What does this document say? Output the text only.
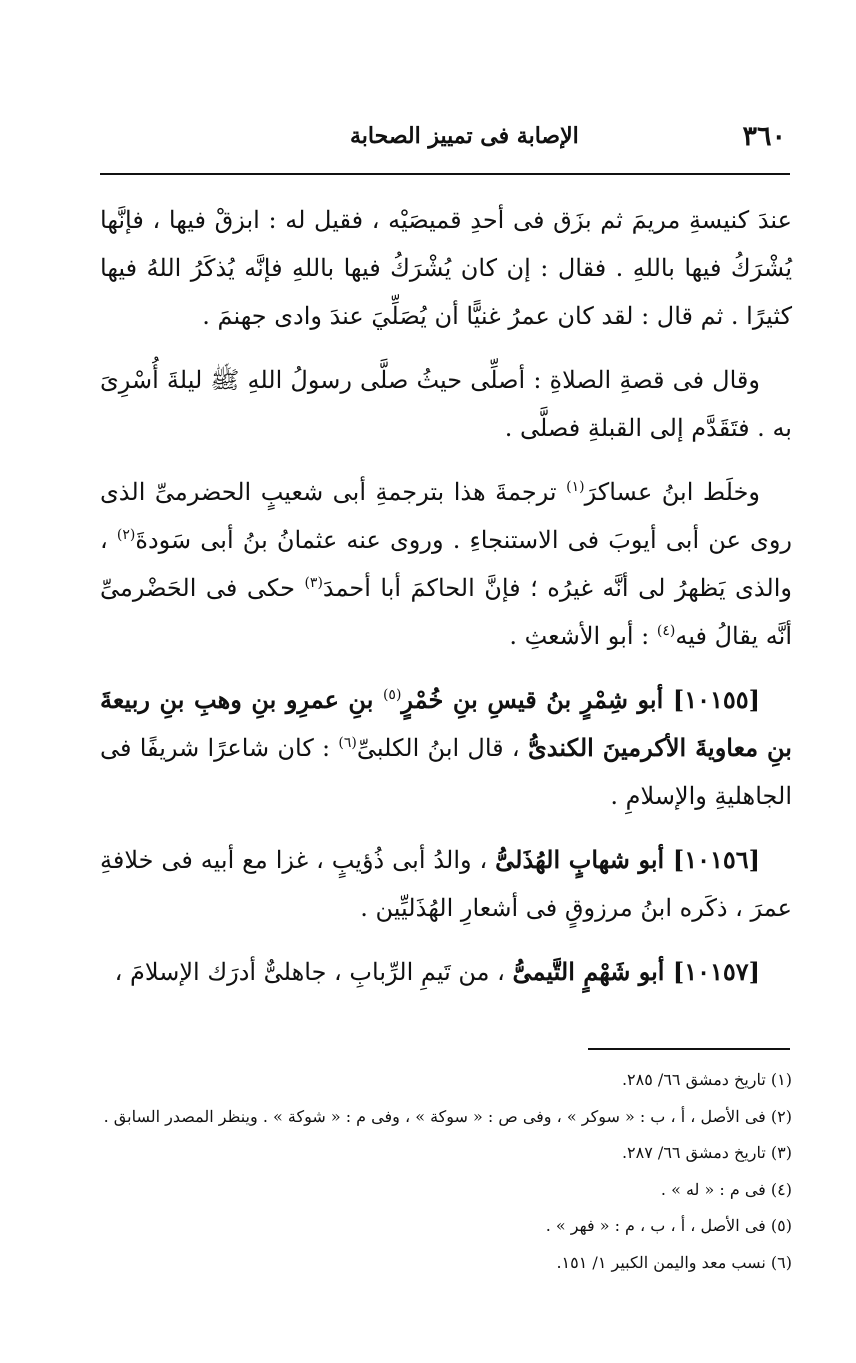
٣٦٠
الإصابة فى تمييز الصحابة

عندَ كنيسةِ مريمَ ثم بزَق فى أحدِ قميصَيْه ، فقيل له : ابزقْ فيها ، فإنَّها يُشْرَكُ فيها باللهِ . فقال : إن كان يُشْرَكُ فيها باللهِ فإنَّه يُذكَرُ اللهُ فيها كثيرًا . ثم قال : لقد كان عمرُ غنيًّا أن يُصَلِّيَ عندَ وادى جهنمَ .

وقال فى قصةِ الصلاةِ : أصلِّى حيثُ صلَّى رسولُ اللهِ ﷺ ليلةَ أُسْرِىَ به . فتَقَدَّم إلى القبلةِ فصلَّى .

وخلَط ابنُ عساكرَ$^{(١)}$ ترجمةَ هذا بترجمةِ أبى شعيبٍ الحضرمىِّ الذى روى عن أبى أيوبَ فى الاستنجاءِ . وروى عنه عثمانُ بنُ أبى سَودةَ$^{(٢)}$ ، والذى يَظهرُ لى أنَّه غيرُه ؛ فإنَّ الحاكمَ أبا أحمدَ$^{(٣)}$ حكى فى الحَضْرمىِّ أنَّه يقالُ فيه$^{(٤)}$ : أبو الأشعثِ .

[١٠١٥٥] أبو شِمْرٍ بنُ قيسِ بنِ خُمْرٍ$^{(٥)}$ بنِ عمرِو بنِ وهبِ بنِ ربيعةَ بنِ معاويةَ الأكرمينَ الكندىُّ ، قال ابنُ الكلبىِّ$^{(٦)}$ : كان شاعرًا شريفًا فى الجاهليةِ والإسلامِ .

[١٠١٥٦] أبو شهابٍ الهُذَلىُّ ، والدُ أبى ذُؤيبٍ ، غزا مع أبيه فى خلافةِ عمرَ ، ذكَره ابنُ مرزوقٍ فى أشعارِ الهُذَليِّين .

[١٠١٥٧] أبو شَهْمٍ التَّيمىُّ ، من تَيمِ الرِّبابِ ، جاهلىٌّ أدرَك الإسلامَ ،

(١) تاريخ دمشق ٦٦/ ٢٨٥.
(٢) فى الأصل ، أ ، ب : « سوكر » ، وفى ص : « سوكة » ، وفى م : « شوكة » . وينظر المصدر السابق .
(٣) تاريخ دمشق ٦٦/ ٢٨٧.
(٤) فى م : « له » .
(٥) فى الأصل ، أ ، ب ، م : « فهر » .
(٦) نسب معد واليمن الكبير ١/ ١٥١.
